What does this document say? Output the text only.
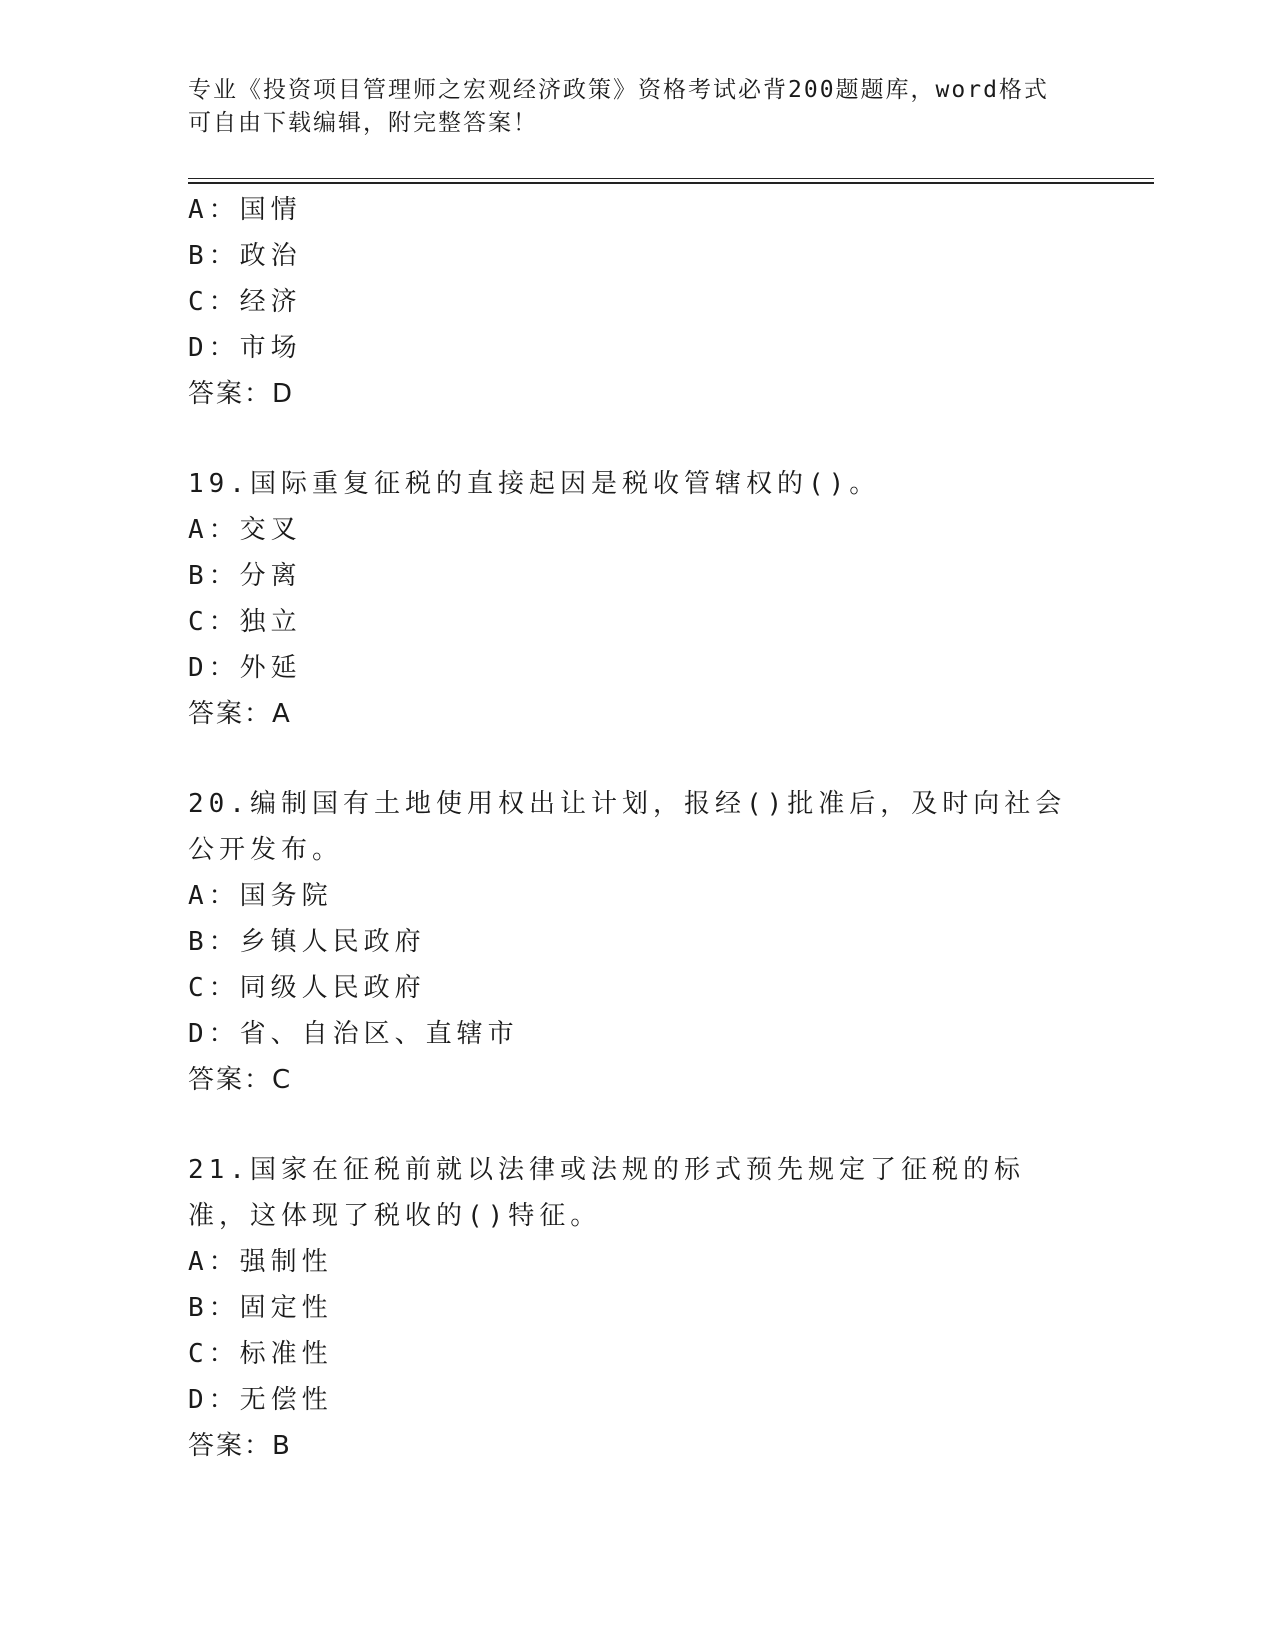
专业《投资项目管理师之宏观经济政策》资格考试必背200题题库，word格式可自由下载编辑，附完整答案！
A：国情
B：政治
C：经济
D：市场
答案：D
19.国际重复征税的直接起因是税收管辖权的()。
A：交叉
B：分离
C：独立
D：外延
答案：A
20.编制国有土地使用权出让计划，报经()批准后，及时向社会公开发布。
A：国务院
B：乡镇人民政府
C：同级人民政府
D：省、自治区、直辖市
答案：C
21.国家在征税前就以法律或法规的形式预先规定了征税的标准，这体现了税收的()特征。
A：强制性
B：固定性
C：标准性
D：无偿性
答案：B
